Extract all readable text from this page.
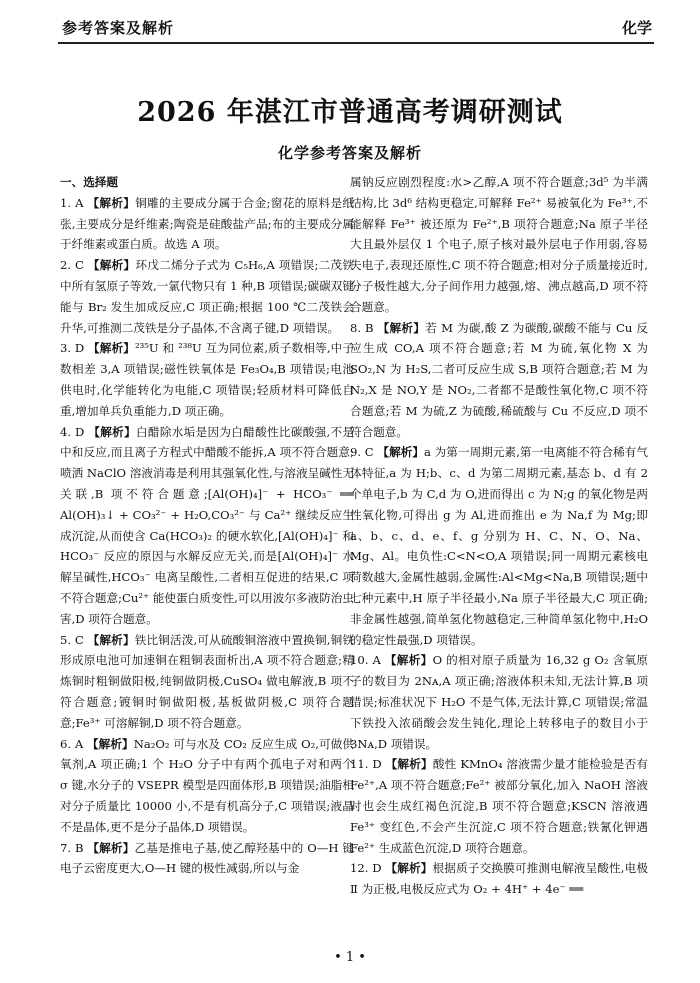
参考答案及解析	化学
2026 年湛江市普通高考调研测试
化学参考答案及解析
一、选择题

1. A 【解析】铜雕的主要成分属于合金;窗花的原料是纸张,主要成分是纤维素;陶瓷是硅酸盐产品;布的主要成分属于纤维素或蛋白质。故选 A 项。

2. C 【解析】环戊二烯分子式为 C₅H₆,A 项错误;二茂铁中所有氢原子等效,一氯代物只有 1 种,B 项错误;碳碳双键能与 Br₂ 发生加成反应,C 项正确;根据 100 ℃二茂铁会升华,可推测二茂铁是分子晶体,不含离子键,D 项错误。

3. D 【解析】²³⁵U 和 ²³⁸U 互为同位素,质子数相等,中子数相差 3,A 项错误;磁性铁氧体是 Fe₃O₄,B 项错误;电池供电时,化学能转化为电能,C 项错误;轻质材料可降低自重,增加单兵负重能力,D 项正确。

4. D 【解析】白醋除水垢是因为白醋酸性比碳酸强,不是中和反应,而且离子方程式中醋酸不能拆,A 项不符合题意;喷洒 NaClO 溶液消毒是利用其强氧化性,与溶液呈碱性无关联,B 项不符合题意;[Al(OH)₄]⁻ + HCO₃⁻ ══ Al(OH)₃↓ + CO₃²⁻ + H₂O,CO₃²⁻ 与 Ca²⁺ 继续反应生成沉淀,从而使含 Ca(HCO₃)₂ 的硬水软化,[Al(OH)₄]⁻ 和 HCO₃⁻ 反应的原因与水解反应无关,而是[Al(OH)₄]⁻ 水解呈碱性,HCO₃⁻ 电离呈酸性,二者相互促进的结果,C 项不符合题意;Cu²⁺ 能使蛋白质变性,可以用波尔多液防治虫害,D 项符合题意。

5. C 【解析】铁比铜活泼,可从硫酸铜溶液中置换铜,铜铁形成原电池可加速铜在粗铜表面析出,A 项不符合题意;精炼铜时粗铜做阳极,纯铜做阴极,CuSO₄ 做电解液,B 项不符合题意;镀铜时铜做阳极,基板做阴极,C 项符合题意;Fe³⁺ 可溶解铜,D 项不符合题意。

6. A 【解析】Na₂O₂ 可与水及 CO₂ 反应生成 O₂,可做供氧剂,A 项正确;1 个 H₂O 分子中有两个孤电子对和两个 σ 键,水分子的 VSEPR 模型是四面体形,B 项错误;油脂相对分子质量比 10000 小,不是有机高分子,C 项错误;液晶不是晶体,更不是分子晶体,D 项错误。

7. B 【解析】乙基是推电子基,使乙醇羟基中的 O—H 键电子云密度更大,O—H 键的极性减弱,所以与金

属钠反应剧烈程度:水>乙醇,A 项不符合题意;3d⁵ 为半满结构,比 3d⁶ 结构更稳定,可解释 Fe²⁺ 易被氧化为 Fe³⁺,不能解释 Fe³⁺ 被还原为 Fe²⁺,B 项符合题意;Na 原子半径大且最外层仅 1 个电子,原子核对最外层电子作用弱,容易失电子,表现还原性,C 项不符合题意;相对分子质量接近时,分子极性越大,分子间作用力越强,熔、沸点越高,D 项不符合题意。

8. B 【解析】若 M 为碳,酸 Z 为碳酸,碳酸不能与 Cu 反应生成 CO,A 项不符合题意;若 M 为硫,氧化物 X 为 SO₂,N 为 H₂S,二者可反应生成 S,B 项符合题意;若 M 为 N₂,X 是 NO,Y 是 NO₂,二者都不是酸性氧化物,C 项不符合题意;若 M 为硫,Z 为硫酸,稀硫酸与 Cu 不反应,D 项不符合题意。

9. C 【解析】a 为第一周期元素,第一电离能不符合稀有气体特征,a 为 H;b、c、d 为第二周期元素,基态 b、d 有 2 个单电子,b 为 C,d 为 O,进而得出 c 为 N;g 的氧化物是两性氧化物,可得出 g 为 Al,进而推出 e 为 Na,f 为 Mg;即 a、b、c、d、e、f、g 分别为 H、C、N、O、Na、Mg、Al。电负性:C<N<O,A 项错误;同一周期元素核电荷数越大,金属性越弱,金属性:Al<Mg<Na,B 项错误;题中七种元素中,H 原子半径最小,Na 原子半径最大,C 项正确;非金属性越强,简单氢化物越稳定,三种简单氢化物中,H₂O 的稳定性最强,D 项错误。

10. A 【解析】O 的相对原子质量为 16,32 g O₂ 含氧原子的数目为 2Nᴀ,A 项正确;溶液体积未知,无法计算,B 项错误;标准状况下 H₂O 不是气体,无法计算,C 项错误;常温下铁投入浓硝酸会发生钝化,理论上转移电子的数目小于 3Nᴀ,D 项错误。

11. D 【解析】酸性 KMnO₄ 溶液需少量才能检验是否有 Fe²⁺,A 项不符合题意;Fe²⁺ 被部分氧化,加入 NaOH 溶液时也会生成红褐色沉淀,B 项不符合题意;KSCN 溶液遇 Fe³⁺ 变红色,不会产生沉淀,C 项不符合题意;铁氰化钾遇 Fe²⁺ 生成蓝色沉淀,D 项符合题意。

12. D 【解析】根据质子交换膜可推测电解液呈酸性,电极 Ⅱ 为正极,电极反应式为 O₂ + 4H⁺ + 4e⁻ ══

• 1 •
